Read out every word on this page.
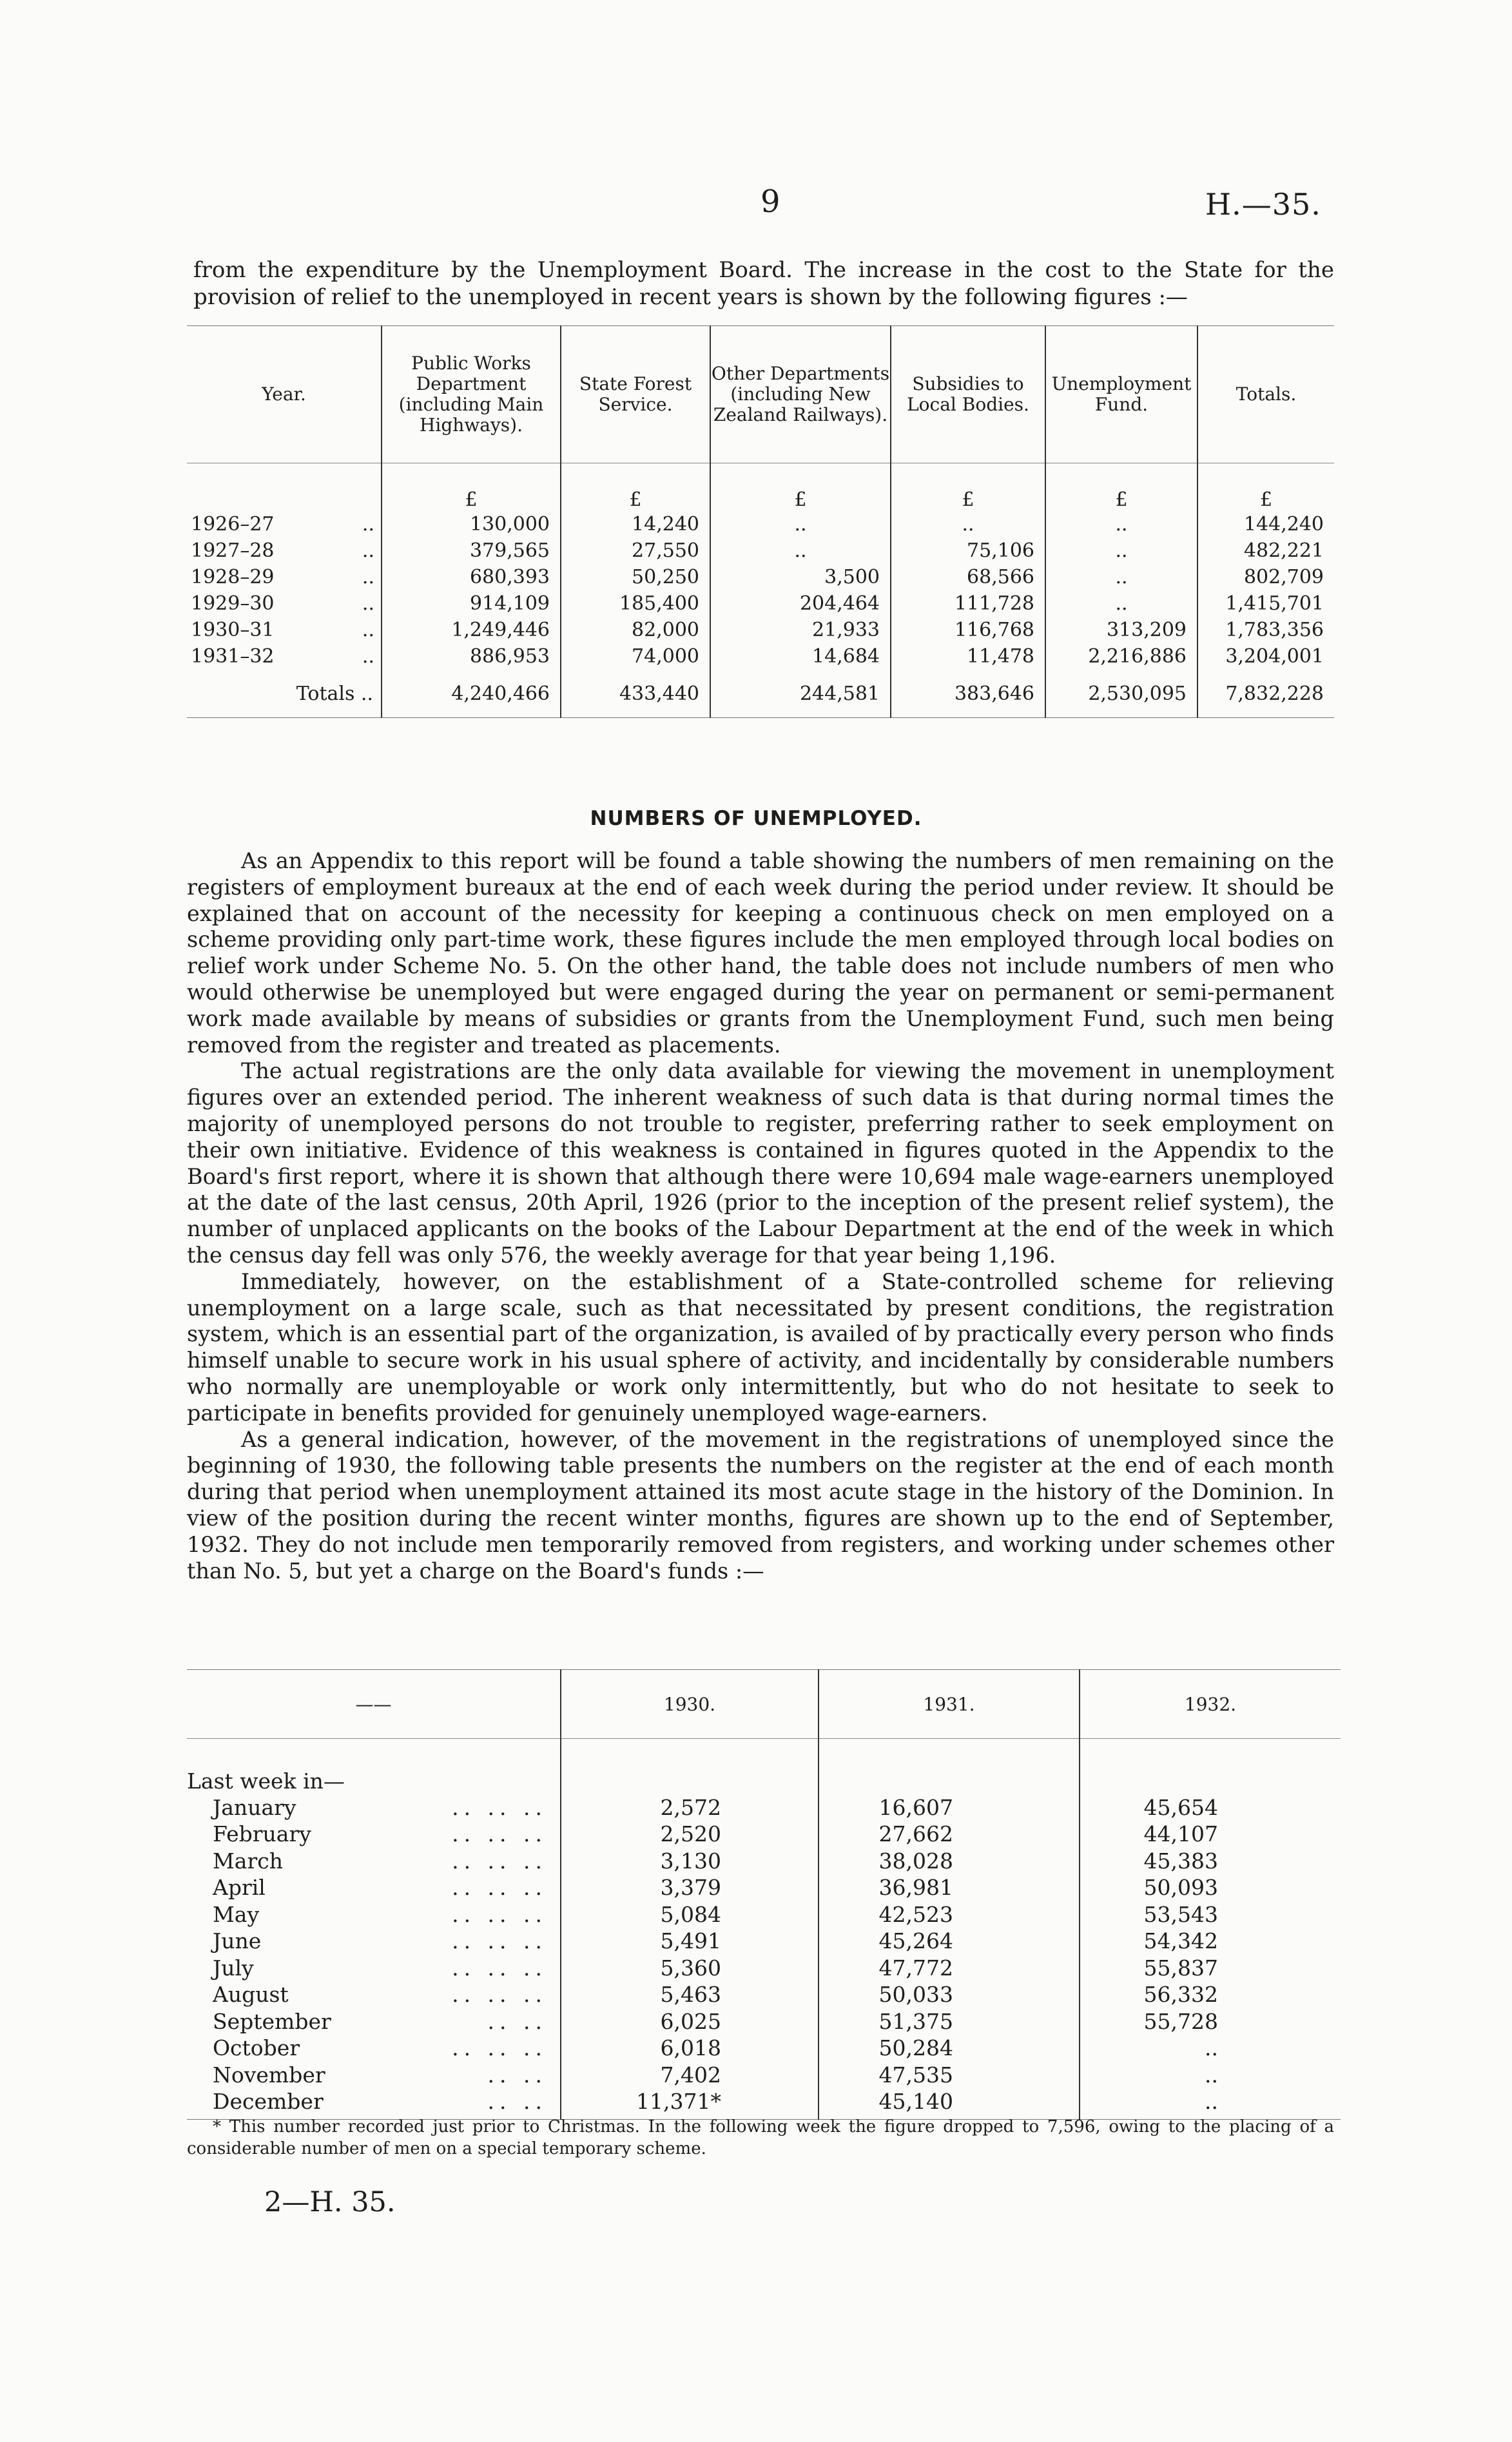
9	H.—35.

from the expenditure by the Unemployment Board. The increase in the cost to the State for the provision of relief to the unemployed in recent years is shown by the following figures :—

Year.	Public Works Department (including Main Highways).	State Forest Service.	Other Departments (including New Zealand Railways).	Subsidies to Local Bodies.	Unemployment Fund.	Totals.
	£	£	£	£	£	£
1926–27 ..	130,000	14,240	..	..	..	144,240
1927–28 ..	379,565	27,550	..	75,106	..	482,221
1928–29 ..	680,393	50,250	3,500	68,566	..	802,709
1929–30 ..	914,109	185,400	204,464	111,728	..	1,415,701
1930–31 ..	1,249,446	82,000	21,933	116,768	313,209	1,783,356
1931–32 ..	886,953	74,000	14,684	11,478	2,216,886	3,204,001
Totals ..	4,240,466	433,440	244,581	383,646	2,530,095	7,832,228
NUMBERS OF UNEMPLOYED.

As an Appendix to this report will be found a table showing the numbers of men remaining on the registers of employment bureaux at the end of each week during the period under review. It should be explained that on account of the necessity for keeping a continuous check on men employed on a scheme providing only part-time work, these figures include the men employed through local bodies on relief work under Scheme No. 5. On the other hand, the table does not include numbers of men who would otherwise be unemployed but were engaged during the year on permanent or semi-permanent work made available by means of subsidies or grants from the Unemployment Fund, such men being removed from the register and treated as placements.

The actual registrations are the only data available for viewing the movement in unemployment figures over an extended period. The inherent weakness of such data is that during normal times the majority of unemployed persons do not trouble to register, preferring rather to seek employment on their own initiative. Evidence of this weakness is contained in figures quoted in the Appendix to the Board's first report, where it is shown that although there were 10,694 male wage-earners unemployed at the date of the last census, 20th April, 1926 (prior to the inception of the present relief system), the number of unplaced applicants on the books of the Labour Department at the end of the week in which the census day fell was only 576, the weekly average for that year being 1,196.

Immediately, however, on the establishment of a State-controlled scheme for relieving unemployment on a large scale, such as that necessitated by present conditions, the registration system, which is an essential part of the organization, is availed of by practically every person who finds himself unable to secure work in his usual sphere of activity, and incidentally by considerable numbers who normally are unemployable or work only intermittently, but who do not hesitate to seek to participate in benefits provided for genuinely unemployed wage-earners.

As a general indication, however, of the movement in the registrations of unemployed since the beginning of 1930, the following table presents the numbers on the register at the end of each month during that period when unemployment attained its most acute stage in the history of the Dominion. In view of the position during the recent winter months, figures are shown up to the end of September, 1932. They do not include men temporarily removed from registers, and working under schemes other than No. 5, but yet a charge on the Board's funds :—

——	1930.	1931.	1932.

Last week in—			
January .. .. ..	2,572	16,607	45,654
February .. .. ..	2,520	27,662	44,107
March .. .. ..	3,130	38,028	45,383
April .. .. ..	3,379	36,981	50,093
May .. .. ..	5,084	42,523	53,543
June .. .. ..	5,491	45,264	54,342
July .. .. ..	5,360	47,772	55,837
August .. .. ..	5,463	50,033	56,332
September .. ..	6,025	51,375	55,728
October .. .. ..	6,018	50,284	..
November .. ..	7,402	47,535	..
December .. ..	11,371*	45,140	..

* This number recorded just prior to Christmas. In the following week the figure dropped to 7,596, owing to the placing of a considerable number of men on a special temporary scheme.

2—H. 35.
